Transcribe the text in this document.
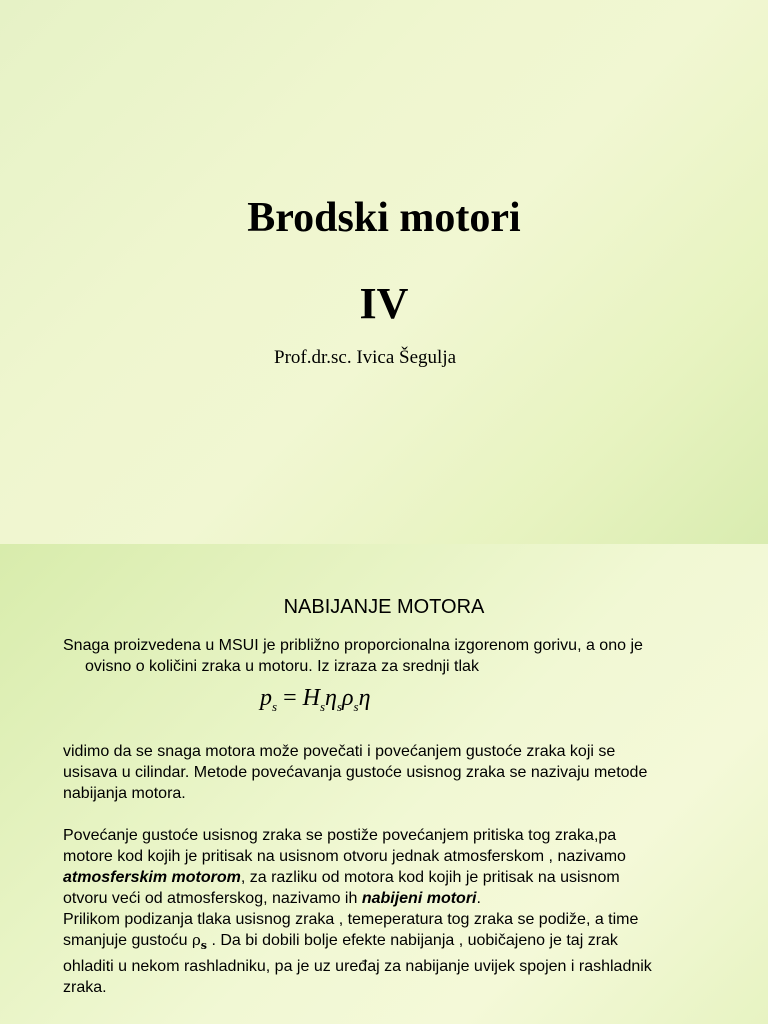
Brodski motori
IV

Prof.dr.sc. Ivica Šegulja

NABIJANJE MOTORA

Snaga proizvedena u MSUI je približno proporcionalna izgorenom gorivu, a ono je
ovisno o količini zraka u motoru. Iz izraza za srednji tlak

$p_s = H_s\eta_s\rho_s\eta$

vidimo da se snaga motora može povečati i povećanjem gustoće zraka koji se
usisava u cilindar. Metode povećavanja gustoće usisnog zraka se nazivaju metode
nabijanja motora.

Povećanje gustoće usisnog zraka se postiže povećanjem pritiska tog zraka,pa
motore kod kojih je pritisak na usisnom otvoru jednak atmosferskom , nazivamo
atmosferskim motorom, za razliku od motora kod kojih je pritisak na usisnom
otvoru veći od atmosferskog, nazivamo ih nabijeni motori.
Prilikom podizanja tlaka usisnog zraka , temeperatura tog zraka se podiže, a time
smanjuje gustoću $\rho_s$ . Da bi dobili bolje efekte nabijanja , uobičajeno je taj zrak
ohladiti u nekom rashladniku, pa je uz uređaj za nabijanje uvijek spojen i rashladnik
zraka.
